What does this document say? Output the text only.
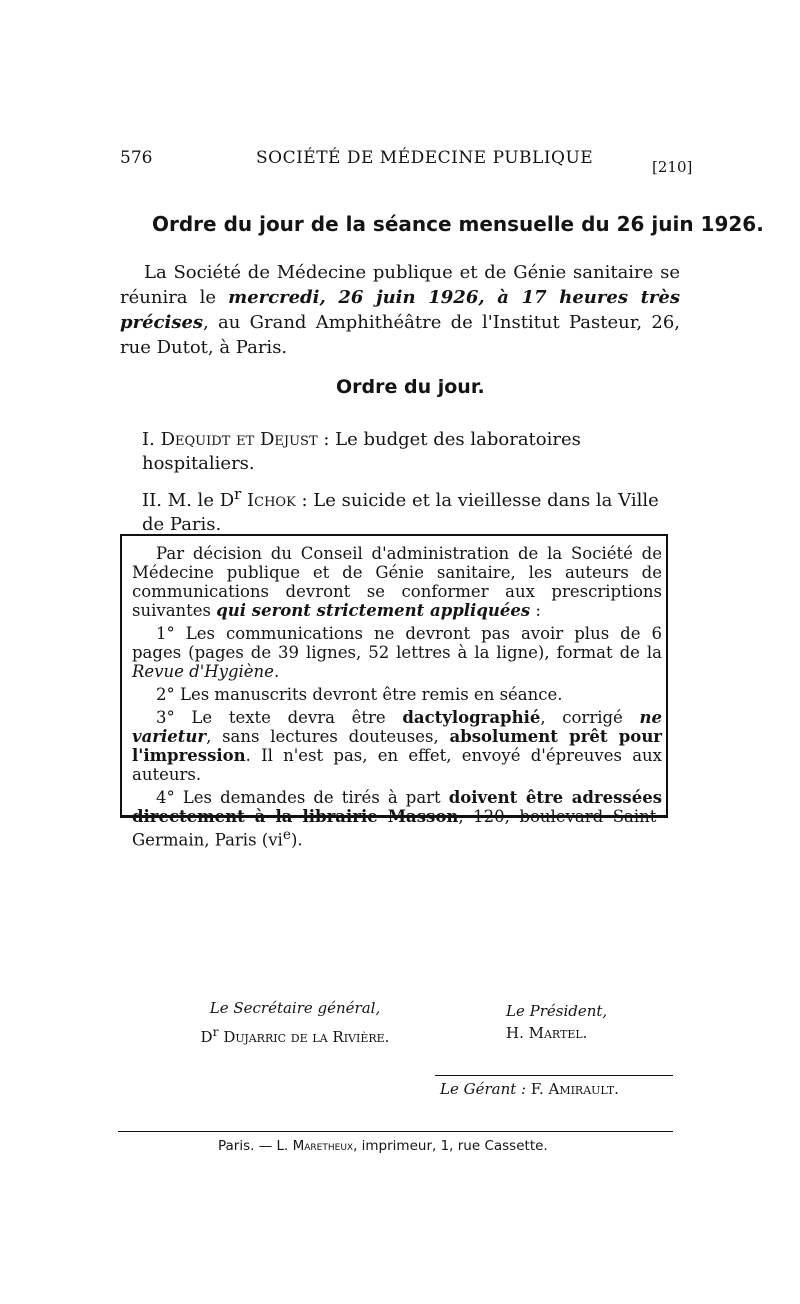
576	SOCIÉTÉ DE MÉDECINE PUBLIQUE	[210]
Ordre du jour de la séance mensuelle du 26 juin 1926.

La Société de Médecine publique et de Génie sanitaire se réunira le mercredi, 26 juin 1926, à 17 heures très précises, au Grand Amphithéâtre de l'Institut Pasteur, 26, rue Dutot, à Paris.

Ordre du jour.

I. Dequidt et Dejust : Le budget des laboratoires hospitaliers.

II. M. le $D^r$ Ichok : Le suicide et la vieillesse dans la Ville de Paris.

Par décision du Conseil d'administration de la Société de Médecine publique et de Génie sanitaire, les auteurs de communications devront se conformer aux prescriptions suivantes qui seront strictement appliquées :

1° Les communications ne devront pas avoir plus de 6 pages (pages de 39 lignes, 52 lettres à la ligne), format de la Revue d'Hygiène.

2° Les manuscrits devront être remis en séance.

3° Le texte devra être dactylographié, corrigé ne varietur, sans lectures douteuses, absolument prêt pour l'impression. Il n'est pas, en effet, envoyé d'épreuves aux auteurs.

4° Les demandes de tirés à part doivent être adressées directement à la librairie Masson, 120, boulevard Saint-Germain, Paris $(vi^e)$.

Le Secrétaire général,
$D^r$ Dujarric de la Rivière.
Le Président,
H. Martel.
Le Gérant : F. Amirault.
Paris. — L. Maretheux, imprimeur, 1, rue Cassette.
